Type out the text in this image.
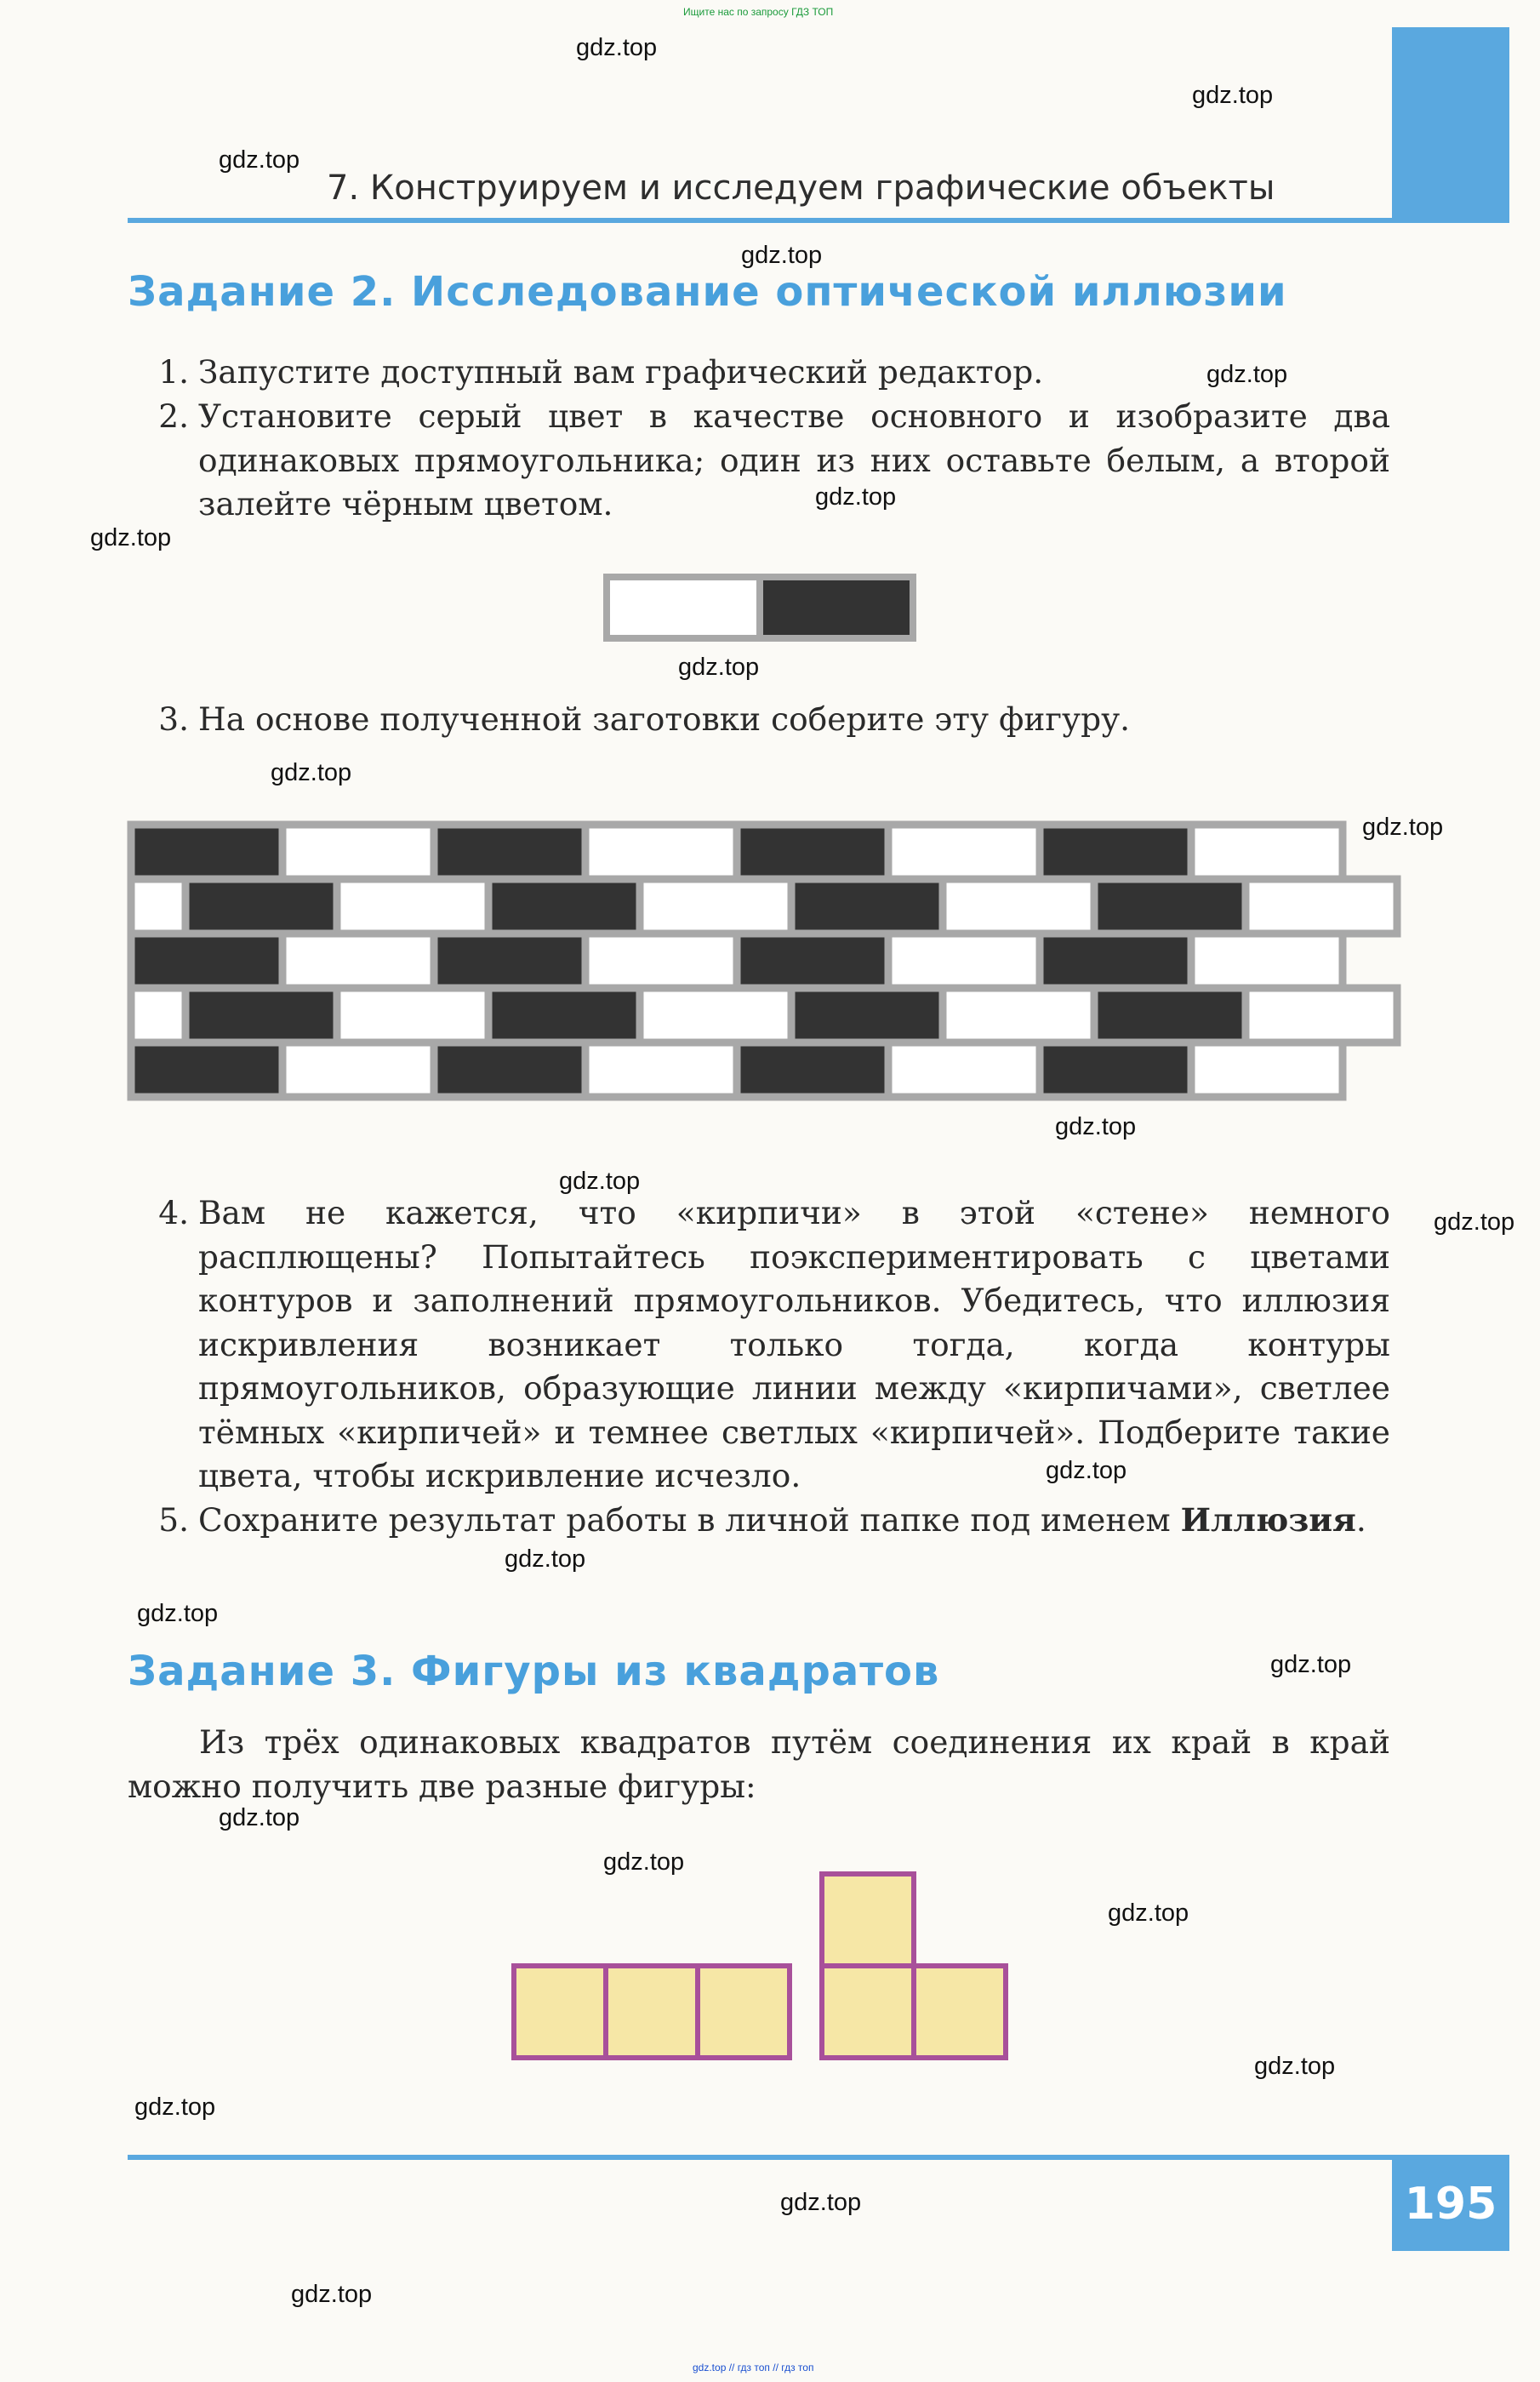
Ищите нас по запросу ГДЗ ТОП
7. Конструируем и исследуем графические объекты
Задание 2. Исследование оптической иллюзии
1. Запустите доступный вам графический редактор.
2. Установите серый цвет в качестве основного и изобразите два одинаковых прямоугольника; один из них оставьте белым, а второй залейте чёрным цветом.
3. На основе полученной заготовки соберите эту фигуру.
4. Вам не кажется, что «кирпичи» в этой «стене» немного расплющены? Попытайтесь поэкспериментировать с цветами контуров и заполнений прямоугольников. Убедитесь, что иллюзия искривления возникает только тогда, когда контуры прямоугольников, образующие линии между «кирпичами», светлее тёмных «кирпичей» и темнее светлых «кирпичей». Подберите такие цвета, чтобы искривление исчезло.
5. Сохраните результат работы в личной папке под именем Иллюзия.
Задание 3. Фигуры из квадратов
Из трёх одинаковых квадратов путём соединения их край в край можно получить две разные фигуры:
195
gdz.top
gdz.top
gdz.top
gdz.top
gdz.top
gdz.top
gdz.top
gdz.top
gdz.top
gdz.top
gdz.top
gdz.top
gdz.top
gdz.top
gdz.top
gdz.top
gdz.top
gdz.top
gdz.top
gdz.top
gdz.top
gdz.top
gdz.top
gdz.top
gdz.top // гдз топ // гдз топ
